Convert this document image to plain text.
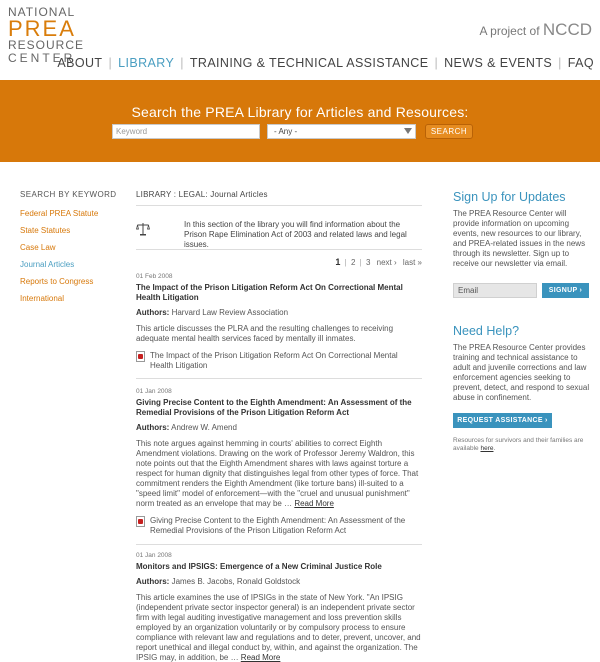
NATIONAL
PREA
RESOURCE
CENTER
A project of NCCD
ABOUT | LIBRARY | TRAINING & TECHNICAL ASSISTANCE | NEWS & EVENTS | FAQ
Search the PREA Library for Articles and Resources:
Keyword	- Any -	SEARCH
SEARCH BY KEYWORD
Federal PREA Statute
State Statutes
Case Law
Journal Articles
Reports to Congress
International
LIBRARY : LEGAL: Journal Articles

In this section of the library you will find information about the Prison Rape Elimination Act of 2003 and related laws and legal issues.

1 | 2 | 3 next › last »
01 Feb 2008
The Impact of the Prison Litigation Reform Act On Correctional Mental Health Litigation
Authors: Harvard Law Review Association
This article discusses the PLRA and the resulting challenges to receiving adequate mental health services faced by mentally ill inmates.
The Impact of the Prison Litigation Reform Act On Correctional Mental Health Litigation
01 Jan 2008
Giving Precise Content to the Eighth Amendment: An Assessment of the Remedial Provisions of the Prison Litigation Reform Act
Authors: Andrew W. Amend
This note argues against hemming in courts' abilities to correct Eighth Amendment violations. Drawing on the work of Professor Jeremy Waldron, this note points out that the Eighth Amendment shares with laws against torture a respect for human dignity that distinguishes legal from other types of force. That commitment renders the Eighth Amendment (like torture bans) ill-suited to a "speed limit" model of enforcement—with the "cruel and unusual punishment" norm treated as an envelope that may be … Read More
Giving Precise Content to the Eighth Amendment: An Assessment of the Remedial Provisions of the Prison Litigation Reform Act
01 Jan 2008
Monitors and IPSIGS: Emergence of a New Criminal Justice Role
Authors: James B. Jacobs, Ronald Goldstock
This article examines the use of IPSIGs in the state of New York. "An IPSIG (independent private sector inspector general) is an independent private sector firm with legal auditing investigative management and loss prevention skills employed by an organization voluntarily or by compulsory process to ensure compliance with relevant law and regulations and to deter, prevent, uncover, and report unethical and illegal conduct by, within, and against the organization. The IPSIG may, in addition, be … Read More
Sign Up for Updates
The PREA Resource Center will provide information on upcoming events, new resources to our library, and PREA-related issues in the news through its newsletter. Sign up to receive our newsletter via email.
Email	SIGNUP ›
Need Help?
The PREA Resource Center provides training and technical assistance to adult and juvenile corrections and law enforcement agencies seeking to prevent, detect, and respond to sexual abuse in confinement.
REQUEST ASSISTANCE ›
Resources for survivors and their families are available here.
